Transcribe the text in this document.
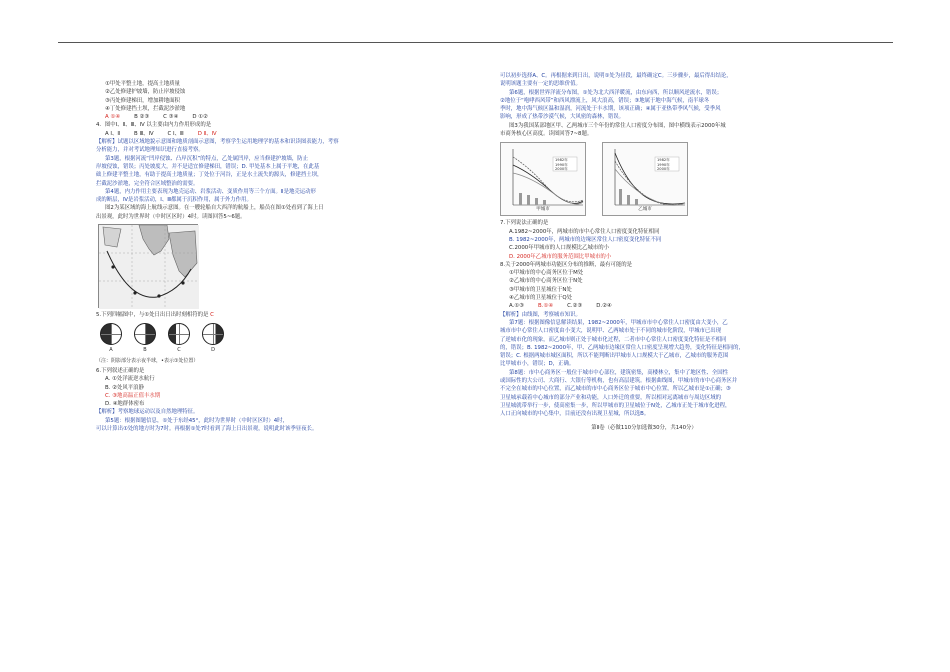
①甲处平整土地，提高土地质量
②乙处修建护坡墙，防止岸坡侵蚀
③丙处修建梯田，增加耕地面积
④丁处修建挡土坝，拦截泥沙淤地
A ①④	B ②③	C ③④	D ①②
4．图中Ⅰ、Ⅱ、Ⅲ、Ⅳ 以主要由内力作用形成的是
A Ⅰ、Ⅱ	B Ⅲ、Ⅳ	C Ⅰ、Ⅲ	D Ⅱ、Ⅳ
【解析】试题以区域地貌示意图和地质剖面示意图，考察学生运用地理学的基本和识读图表能力，考察
分析能力，并对考试地理知识进行直接考察。
第3题，根据河流“凹岸侵蚀、凸岸沉积”的特点，乙处属凹岸，应当修建护坡墙，防止
岸坡侵蚀，错误；丙处坡度大，并不是适宜修建梯田，错误；D. 甲处基本上属于平地，在此基
础上修建平整土地，有助于提高土地质量；丁处位于河谷，正是水土流失的源头，修建挡土坝，
拦截泥沙淤地，完全符合区域整治的需要。
第4题，内力作用主要表现为地壳运动、岩浆活动、变质作用等三个方面。Ⅱ是地壳运动形
成的断层，Ⅳ是岩浆活动，Ⅰ、Ⅲ都属于沉积作用，属于外力作用。
图2为某区域的海上航线示意图。在一艘轮船自大西洋的航船上，船员在图①处看到了海上日
出景观，此时为世界时（中时区区时）4时。读图回答5~6题。
5.下列四幅图中，与①处日出日出时刻相符的是 C
A	B	C	D
（注：阴影部分表示夜半球，•表示①处位置）
6.下列叙述正确的是
A. ①处洋流逆水航行
B. ②处风平浪静
C. ③地高温正值丰水期
D. ④地群体密布
【解析】考察地球运动以及自然地理特征。
第5题：根据图题信息，①处于东经45°，此时为世界时（中时区区时）4时，
可以计算出①处的地方时为7时。再根据①处7时看到了海上日出景观，说明此时该季昼夜长。
可以初步选择A、C。再根据来到日出，说明①处为昼段，最终确定C。三步骤步，最后得出结论，
说明该题主要有一定的思维价值。
第6题，根据世界洋流分布图，①处为北大西洋暖流，由东向西，所以顺风逆流水，错误；
②地位于“咆哮西风带”和西风漂流上，风大浪高，错误；③地属于地中海气候，南半球冬
季时，地中海气候区温和湿润，河流处于丰水期，该项正确；④属于亚热带季风气候，受季风
影响，形成了热带沙漠气候，大风密的森林，错误。
图3为我国某部地区甲、乙两城市三个年份的常住人口密度分布图，图中横线表示2000年城
市商务核心区高度。读图回答7~8题。
1982年
1990年
2000年
甲城市
1982年
1990年
2000年
乙城市
7.下列说法正确的是
A.1982~2000年，两城市的市中心常住人口密度变化特征相同
B. 1982~2000年，两城市的边缘区常住人口密度变化特征不同
C.2000年甲城市的人口规模比乙城市的小
D. 2000年乙城市的服务范围比甲城市的小
8.关于2000年两城市功能区分布的推断，最有可能的是
①甲城市的中心商务区位于M处
②乙城市的中心商务区位于N处
③甲城市的卫星城位于N处
④乙城市的卫星城位于Q处
A.①③	B.①④	C.②③	D.②④
【解析】由线图，考察城市知识。
第7题：根据图像信息解读结果，1982~2000年，甲城市市中心常住人口密度由大变小，乙
城市市中心常住人口密度由小变大，说明甲、乙两城市处于不同的城市化阶段，甲城市已出现
了逆城市化的现象，而乙城市则正处于城市化过程，二者市中心常住人口密度变化特征是不相同
的，错误；B. 1982~2000年，甲、乙两城市边缘区常住人口密度呈现增大趋势，变化特征是相同的，
错误；C. 根据两城市城区面积，所以不能判断出甲城市人口规模大于乙城市，乙城市的服务范围
比甲城市小，错误；D，正确。
第8题：市中心商务区一般位于城市中心部位，建筑密集，高楼林立，集中了地区性、全国性
或国际性的大公司、大商行、大银行等机构，也有高层建筑。根据曲线图，甲城市的市中心商务区并
不完全在城市的中心位置，而乙城市的市中心商务区位于城市中心位置，所以乙城市是①正确；③
卫星城承载着中心城市的部分产业和功能，人口外迁的重要，所以相对远离城市与周边区域的
卫星城就带举行一步，使高密集一步，所以甲城市的卫星城位于N处，乙城市正处于城市化进程，
人口正向城市的中心集中，目前还没有出现卫星城，所以选B。
第Ⅱ卷（必做110分加选做30分，共140分）
